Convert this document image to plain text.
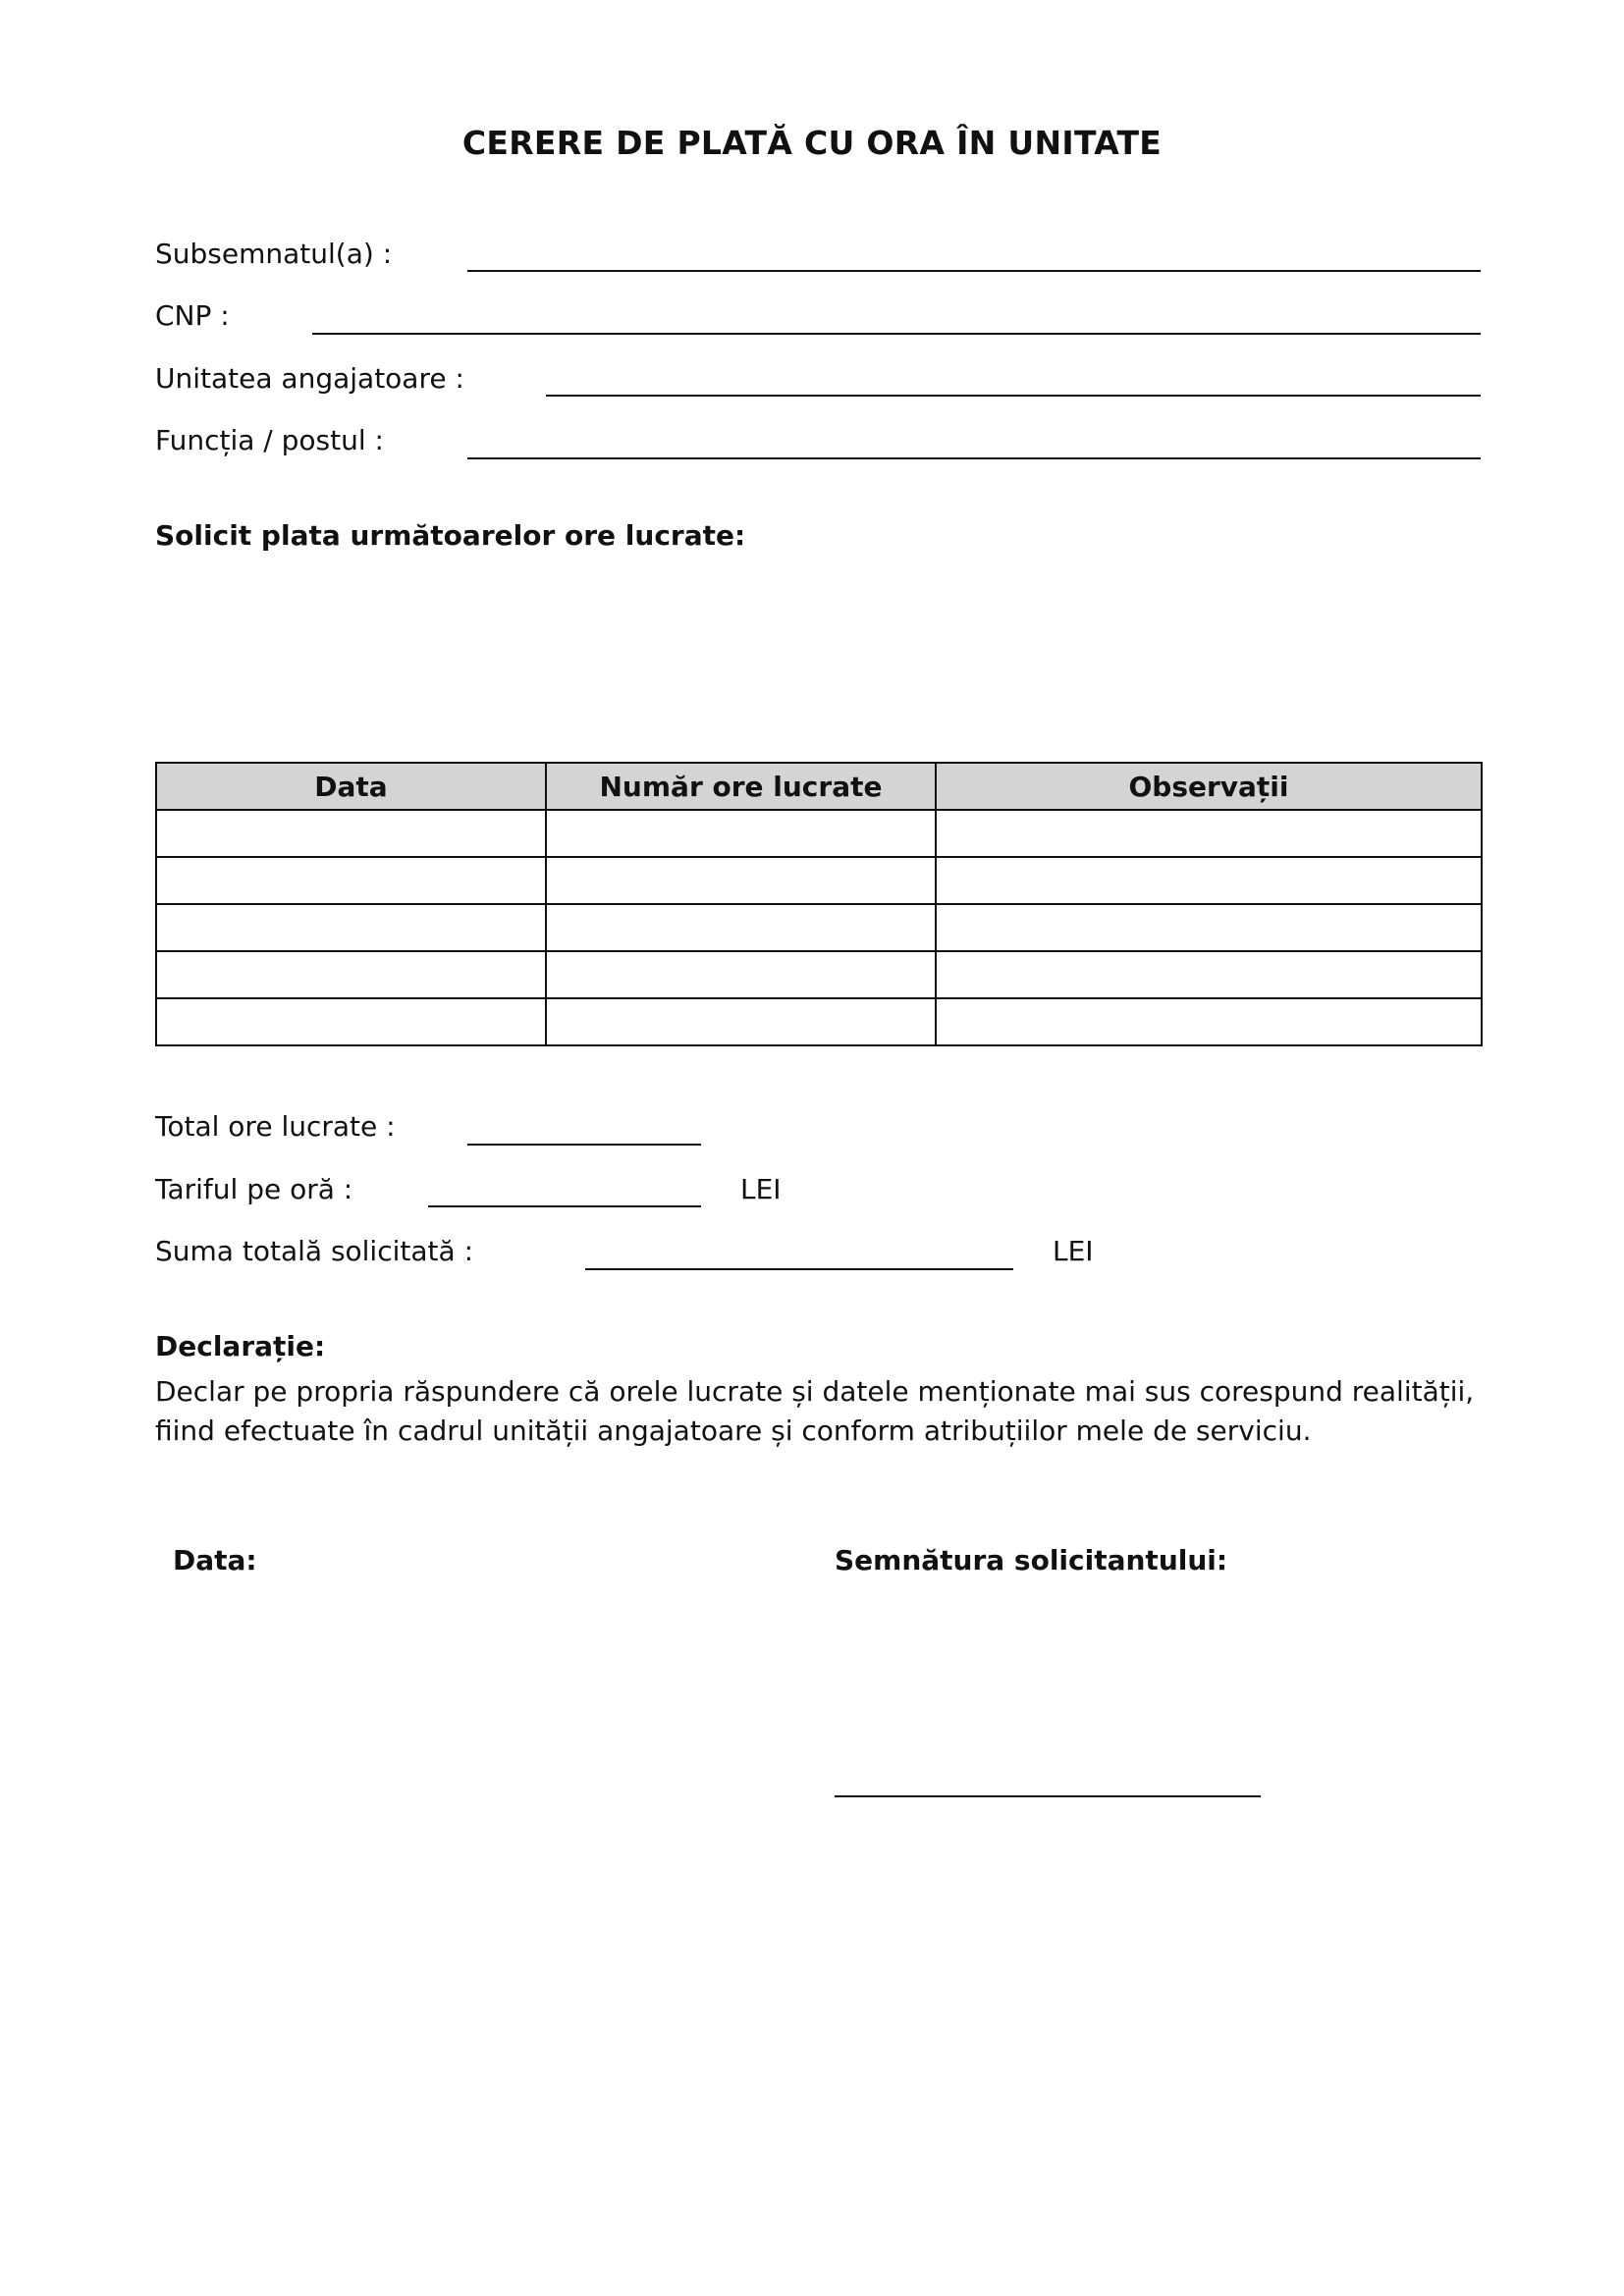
CERERE DE PLATĂ CU ORA ÎN UNITATE
Subsemnatul(a) :
CNP :
Unitatea angajatoare :
Funcția / postul :
Solicit plata următoarelor ore lucrate:
Data	Număr ore lucrate	Observații

Total ore lucrate :
Tariful pe oră :	LEI
Suma totală solicitată :	LEI
Declarație:
Declar pe propria răspundere că orele lucrate și datele menționate mai sus corespund realității, fiind efectuate în cadrul unității angajatoare și conform atribuțiilor mele de serviciu.
Data:	Semnătura solicitantului:
